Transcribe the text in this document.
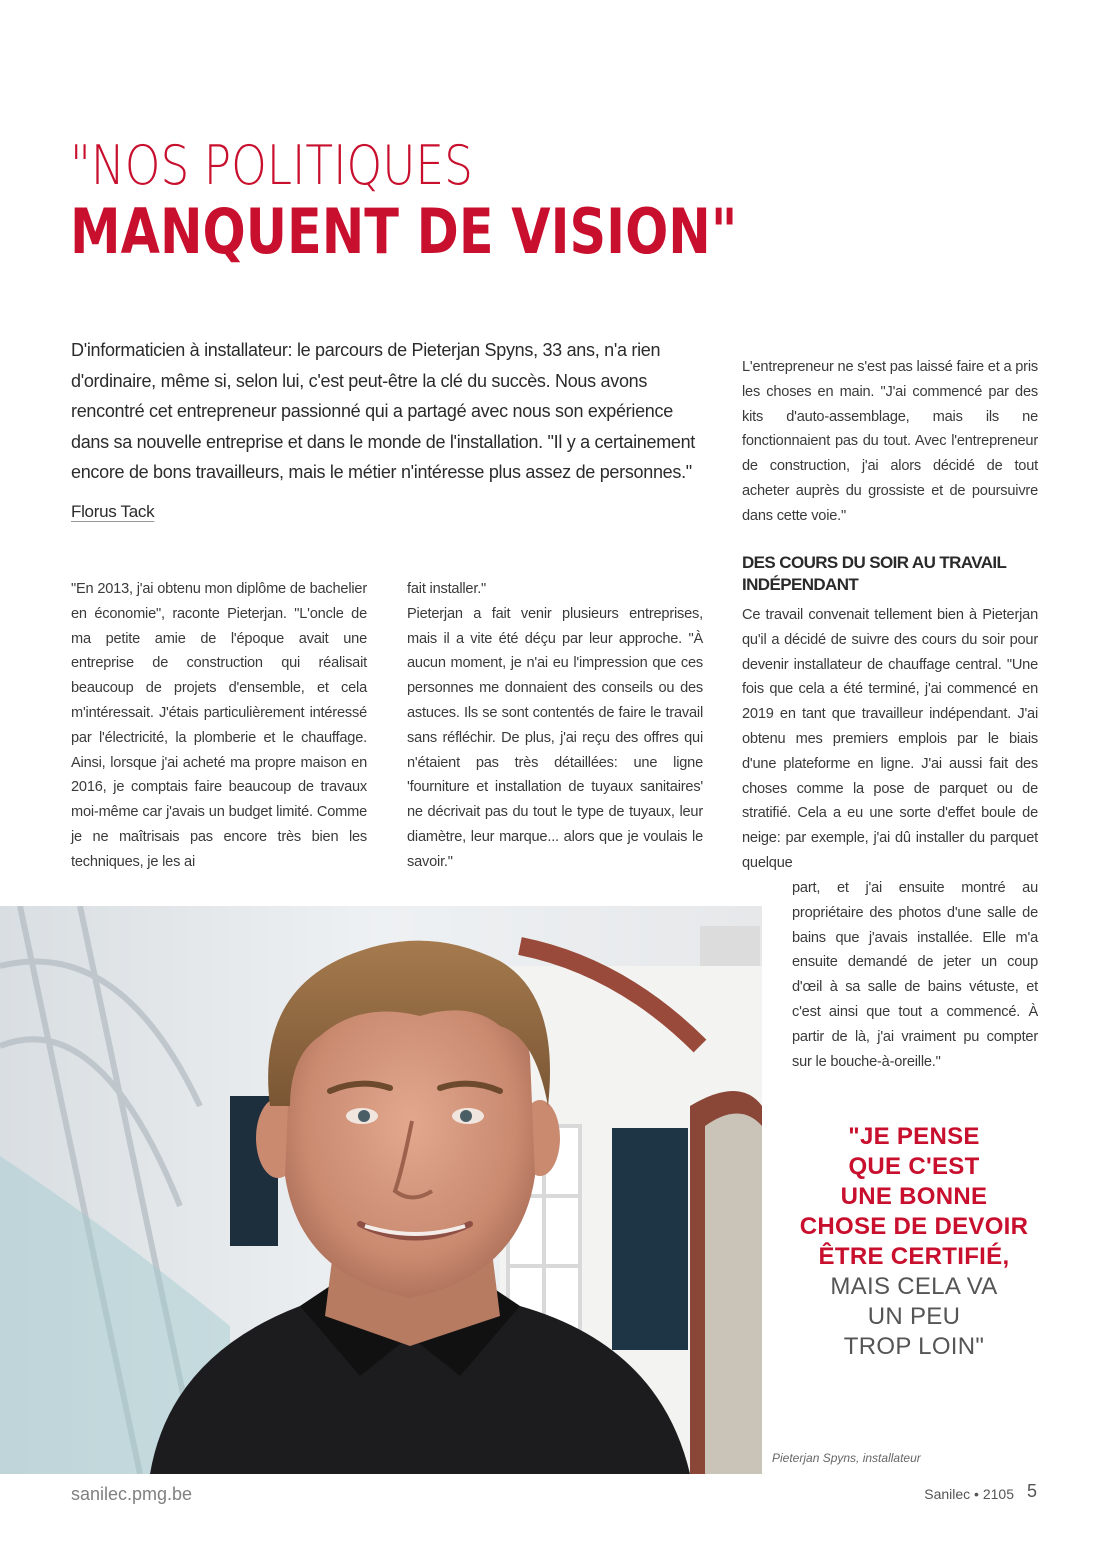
"NOS POLITIQUES
MANQUENT DE VISION"

D'informaticien à installateur: le parcours de Pieterjan Spyns, 33 ans, n'a rien d'ordinaire, même si, selon lui, c'est peut-être la clé du succès. Nous avons rencontré cet entrepreneur passionné qui a partagé avec nous son expérience dans sa nouvelle entreprise et dans le monde de l'installation. "Il y a certainement encore de bons travailleurs, mais le métier n'intéresse plus assez de personnes."

Florus Tack

"En 2013, j'ai obtenu mon diplôme de bachelier en économie", raconte Pieterjan. "L'oncle de ma petite amie de l'époque avait une entreprise de construction qui réalisait beaucoup de projets d'ensemble, et cela m'intéressait. J'étais particulièrement intéressé par l'électricité, la plomberie et le chauffage. Ainsi, lorsque j'ai acheté ma propre maison en 2016, je comptais faire beaucoup de travaux moi-même car j'avais un budget limité. Comme je ne maîtrisais pas encore très bien les techniques, je les ai

fait installer."

Pieterjan a fait venir plusieurs entreprises, mais il a vite été déçu par leur approche. "À aucun moment, je n'ai eu l'impression que ces personnes me donnaient des conseils ou des astuces. Ils se sont contentés de faire le travail sans réfléchir. De plus, j'ai reçu des offres qui n'étaient pas très détaillées: une ligne 'fourniture et installation de tuyaux sanitaires' ne décrivait pas du tout le type de tuyaux, leur diamètre, leur marque... alors que je voulais le savoir."

L'entrepreneur ne s'est pas laissé faire et a pris les choses en main. "J'ai commencé par des kits d'auto-assemblage, mais ils ne fonctionnaient pas du tout. Avec l'entrepreneur de construction, j'ai alors décidé de tout acheter auprès du grossiste et de poursuivre dans cette voie."

DES COURS DU SOIR AU TRAVAIL INDÉPENDANT

Ce travail convenait tellement bien à Pieterjan qu'il a décidé de suivre des cours du soir pour devenir installateur de chauffage central. "Une fois que cela a été terminé, j'ai commencé en 2019 en tant que travailleur indépendant. J'ai obtenu mes premiers emplois par le biais d'une plateforme en ligne. J'ai aussi fait des choses comme la pose de parquet ou de stratifié. Cela a eu une sorte d'effet boule de neige: par exemple, j'ai dû installer du parquet quelque

part, et j'ai ensuite montré au propriétaire des photos d'une salle de bains que j'avais installée. Elle m'a ensuite demandé de jeter un coup d'œil à sa salle de bains vétuste, et c'est ainsi que tout a commencé. À partir de là, j'ai vraiment pu compter sur le bouche-à-oreille."

"JE PENSE
QUE C'EST
UNE BONNE
CHOSE DE DEVOIR
ÊTRE CERTIFIÉ,
MAIS CELA VA
UN PEU
TROP LOIN"

Pieterjan Spyns, installateur

sanilec.pmg.be	Sanilec • 2105 5
